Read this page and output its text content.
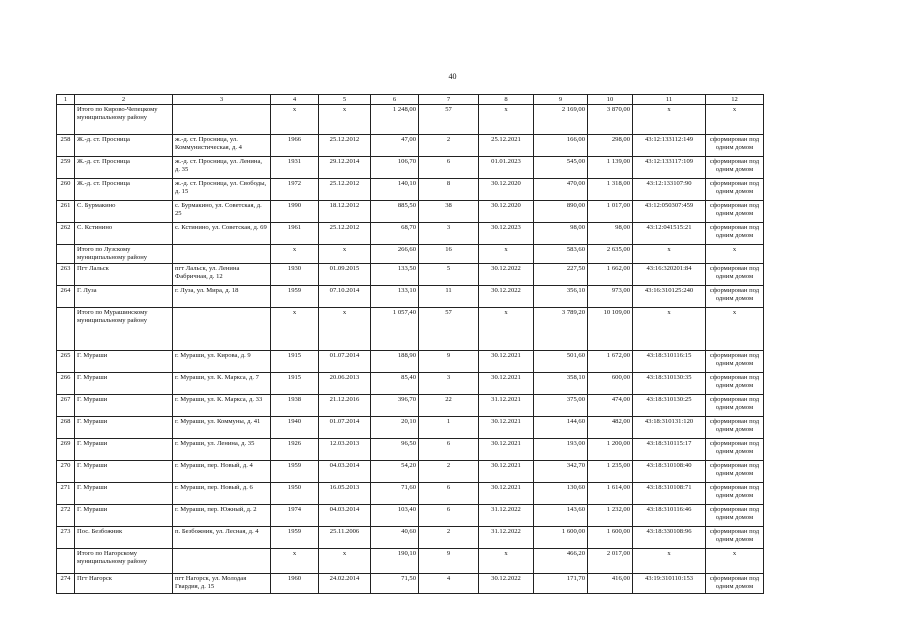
40
1	2	3	4	5	6	7	8	9	10	11	12
	Итого по Кирово-Чепецкому муниципальному району		х	х	1 248,00	57	х	2 169,00	3 870,00	х	х
258	Ж.-д. ст. Просница	ж.-д. ст. Просница, ул. Коммунистическая, д. 4	1966	25.12.2012	47,00	2	25.12.2021	166,00	298,00	43:12:133112:149	сформирован под одним домом
259	Ж.-д. ст. Просница	ж.-д. ст. Просница, ул. Ленина, д. 35	1931	29.12.2014	106,70	6	01.01.2023	545,00	1 139,00	43:12:133117:109	сформирован под одним домом
260	Ж.-д. ст. Просница	ж.-д. ст. Просница, ул. Свободы, д. 15	1972	25.12.2012	140,10	8	30.12.2020	470,00	1 318,00	43:12:133107:90	сформирован под одним домом
261	С. Бурмакино	с. Бурмакино, ул. Советская, д. 25	1990	18.12.2012	885,50	38	30.12.2020	890,00	1 017,00	43:12:050307:459	сформирован под одним домом
262	С. Кстинино	с. Кстинино, ул. Советская, д. 69	1961	25.12.2012	68,70	3	30.12.2023	98,00	98,00	43:12:041515:21	сформирован под одним домом
	Итого по Лузскому муниципальному району		х	х	266,60	16	х	583,60	2 635,00	х	х
263	Пгт Лальск	пгт Лальск, ул. Ленина Фабричная, д. 12	1930	01.09.2015	133,50	5	30.12.2022	227,50	1 662,00	43:16:320201:84	сформирован под одним домом
264	Г. Луза	г. Луза, ул. Мира, д. 18	1959	07.10.2014	133,10	11	30.12.2022	356,10	973,00	43:16:310125:240	сформирован под одним домом
	Итого по Мурашинскому муниципальному району		х	х	1 057,40	57	х	3 789,20	10 109,00	х	х
265	Г. Мураши	г. Мураши, ул. Кирова, д. 9	1915	01.07.2014	188,90	9	30.12.2021	501,60	1 672,00	43:18:310116:15	сформирован под одним домом
266	Г. Мураши	г. Мураши, ул. К. Маркса, д. 7	1915	20.06.2013	85,40	3	30.12.2021	358,10	600,00	43:18:310130:35	сформирован под одним домом
267	Г. Мураши	г. Мураши, ул. К. Маркса, д. 33	1938	21.12.2016	396,70	22	31.12.2021	375,00	474,00	43:18:310130:25	сформирован под одним домом
268	Г. Мураши	г. Мураши, ул. Коммуны, д. 41	1940	01.07.2014	20,10	1	30.12.2021	144,60	482,00	43:18:310131:120	сформирован под одним домом
269	Г. Мураши	г. Мураши, ул. Ленина, д. 35	1926	12.03.2013	96,50	6	30.12.2021	193,00	1 200,00	43:18:310115:17	сформирован под одним домом
270	Г. Мураши	г. Мураши, пер. Новый, д. 4	1959	04.03.2014	54,20	2	30.12.2021	342,70	1 235,00	43:18:310108:40	сформирован под одним домом
271	Г. Мураши	г. Мураши, пер. Новый, д. 6	1950	16.05.2013	71,60	6	30.12.2021	130,60	1 614,00	43:18:310108:71	сформирован под одним домом
272	Г. Мураши	г. Мураши, пер. Южный, д. 2	1974	04.03.2014	103,40	6	31.12.2022	143,60	1 232,00	43:18:310116:46	сформирован под одним домом
273	Пос. Безбожник	п. Безбожник, ул. Лесная, д. 4	1959	25.11.2006	40,60	2	31.12.2022	1 600,00	1 600,00	43:18:330108:96	сформирован под одним домом
	Итого по Нагорскому муниципальному району		х	х	190,10	9	х	466,20	2 017,00	х	х
274	Пгт Нагорск	пгт Нагорск, ул. Молодая Гвардия, д. 15	1960	24.02.2014	71,50	4	30.12.2022	171,70	416,00	43:19:310110:153	сформирован под одним домом
